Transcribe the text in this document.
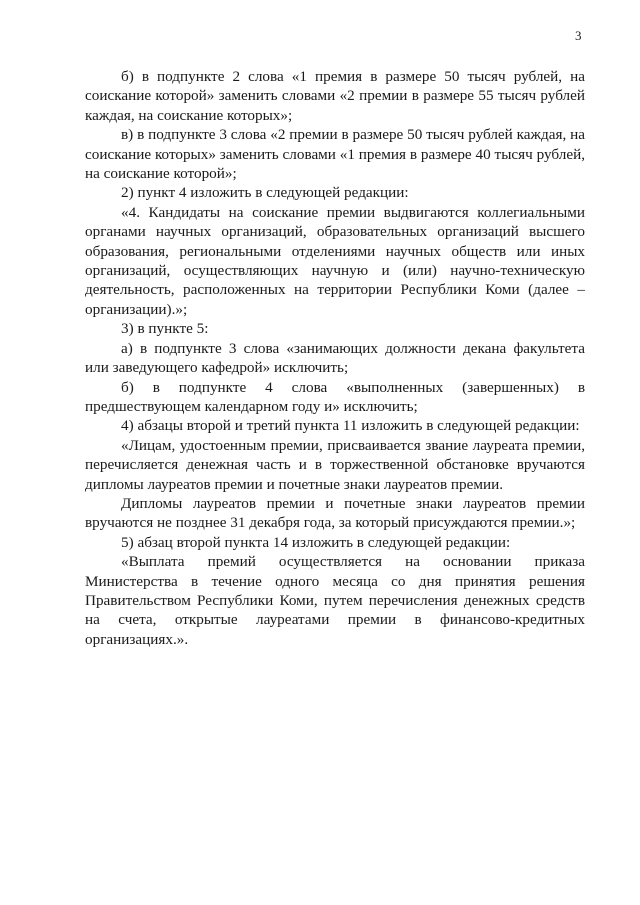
3

б) в подпункте 2 слова «1 премия в размере 50 тысяч рублей, на соискание которой» заменить словами «2 премии в размере 55 тысяч рублей каждая, на соискание которых»;

в) в подпункте 3 слова «2 премии в размере 50 тысяч рублей каждая, на соискание которых» заменить словами «1 премия в размере 40 тысяч рублей, на соискание которой»;

2) пункт 4 изложить в следующей редакции:

«4. Кандидаты на соискание премии выдвигаются коллегиальными органами научных организаций, образовательных организаций высшего образования, региональными отделениями научных обществ или иных организаций, осуществляющих научную и (или) научно-техническую деятельность, расположенных на территории Республики Коми (далее – организации).»;

3) в пункте 5:

а) в подпункте 3 слова «занимающих должности декана факультета или заведующего кафедрой» исключить;

б) в подпункте 4 слова «выполненных (завершенных) в предшествующем календарном году и» исключить;

4) абзацы второй и третий пункта 11 изложить в следующей редакции:

«Лицам, удостоенным премии, присваивается звание лауреата премии, перечисляется денежная часть и в торжественной обстановке вручаются дипломы лауреатов премии и почетные знаки лауреатов премии.

Дипломы лауреатов премии и почетные знаки лауреатов премии вручаются не позднее 31 декабря года, за который присуждаются премии.»;

5) абзац второй пункта 14 изложить в следующей редакции:

«Выплата премий осуществляется на основании приказа Министерства в течение одного месяца со дня принятия решения Правительством Республики Коми, путем перечисления денежных средств на счета, открытые лауреатами премии в финансово-кредитных организациях.».
